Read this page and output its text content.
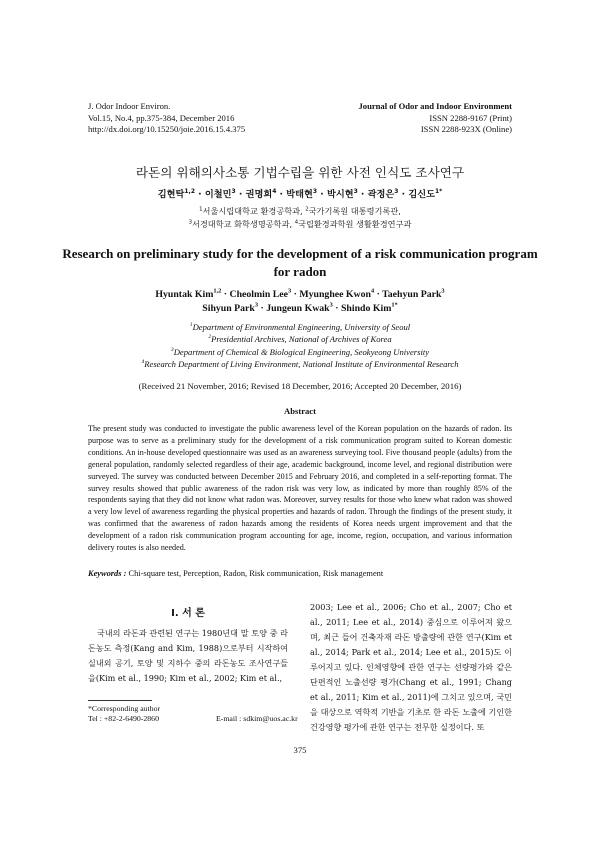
J. Odor Indoor Environ.
Vol.15, No.4, pp.375-384, December 2016
http://dx.doi.org/10.15250/joie.2016.15.4.375
Journal of Odor and Indoor Environment
ISSN 2288-9167 (Print)
ISSN 2288-923X (Online)
라돈의 위해의사소통 기법수립을 위한 사전 인식도 조사연구
김현탁$^{1,2}$ · 이철민$^3$ · 권명희$^4$ · 박태현$^3$ · 박시현$^3$ · 곽정은$^3$ · 김신도$^{1*}$
$^1$서울시립대학교 환경공학과, $^2$국가기록원 대통령기록관,
$^3$서경대학교 화학생명공학과, $^4$국립환경과학원 생활환경연구과
Research on preliminary study for the development of a risk communication program for radon
Hyuntak Kim$^{1,2}$ · Cheolmin Lee$^3$ · Myunghee Kwon$^4$ · Taehyun Park$^3$
Sihyun Park$^3$ · Jungeun Kwak$^3$ · Shindo Kim$^{1*}$
$^1$Department of Environmental Engineering, University of Seoul
$^2$Presidential Archives, National of Archives of Korea
$^3$Department of Chemical & Biological Engineering, Seokyeong University
$^4$Research Department of Living Environment, National Institute of Environmental Research
(Received 21 November, 2016; Revised 18 December, 2016; Accepted 20 December, 2016)
Abstract
The present study was conducted to investigate the public awareness level of the Korean population on the hazards of radon. Its purpose was to serve as a preliminary study for the development of a risk communication program suited to Korean domestic conditions. An in-house developed questionnaire was used as an awareness surveying tool. Five thousand people (adults) from the general population, randomly selected regardless of their age, academic background, income level, and regional distribution were surveyed. The survey was conducted between December 2015 and February 2016, and completed in a self-reporting format. The survey results showed that public awareness of the radon risk was very low, as indicated by more than roughly 85% of the respondents saying that they did not know what radon was. Moreover, survey results for those who knew what radon was showed a very low level of awareness regarding the physical properties and hazards of radon. Through the findings of the present study, it was confirmed that the awareness of radon hazards among the residents of Korea needs urgent improvement and that the development of a radon risk communication program accounting for age, income, region, occupation, and various information delivery routes is also needed.
Keywords : Chi-square test, Perception, Radon, Risk communication, Risk management
I. 서 론
국내의 라돈과 관련된 연구는 1980년대 말 토양 중 라돈농도 측정(Kang and Kim, 1988)으로부터 시작하여 실내외 공기, 토양 및 지하수 중의 라돈농도 조사연구들을(Kim et al., 1990; Kim et al., 2002; Kim et al.,
2003; Lee et al., 2006; Cho et al., 2007; Cho et al., 2011; Lee et al., 2014) 중심으로 이루어져 왔으며, 최근 들어 건축자재 라돈 방출량에 관한 연구(Kim et al., 2014; Park et al., 2014; Lee et al., 2015)도 이루어지고 있다. 인체영향에 관한 연구는 선량평가와 같은 단편적인 노출선량 평가(Chang et al., 1991; Chang et al., 2011; Kim et al., 2011)에 그치고 있으며, 국민을 대상으로 역학적 기반을 기초로 한 라돈 노출에 기인한 건강영향 평가에 관한 연구는 전무한 실정이다. 또
*Corresponding author
Tel : +82-2-6490-2860	E-mail : sdkim@uos.ac.kr
375
